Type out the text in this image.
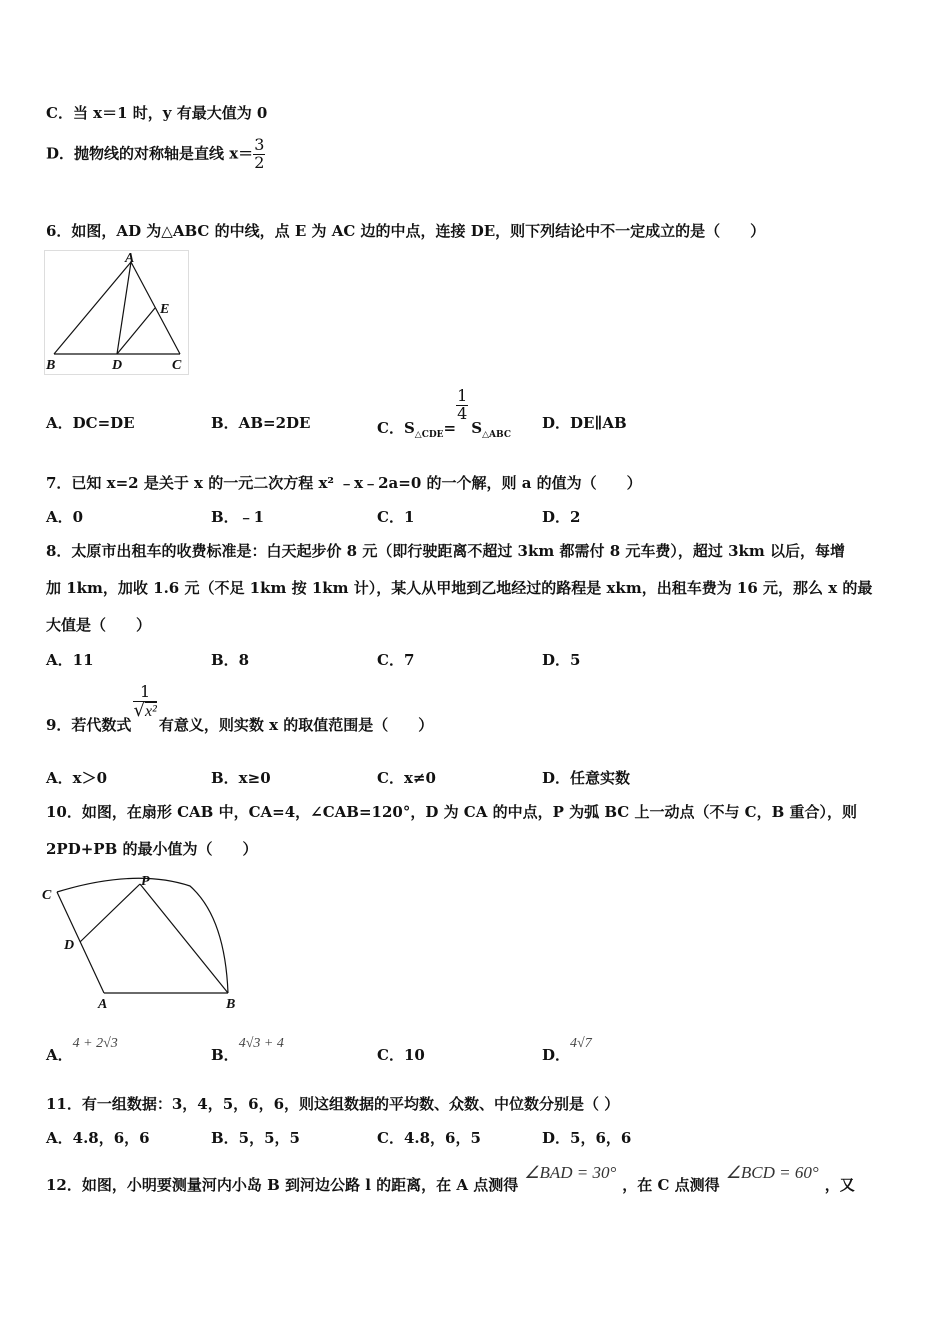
C．当 x＝1 时，y 有最大值为 0
D．抛物线的对称轴是直线 $x= \frac{3}{2}$
6．如图，AD 为△ABC 的中线，点 E 为 AC 边的中点，连接 DE，则下列结论中不一定成立的是（　　）
A
B	D	C
E
A．DC=DE	B．AB=2DE	C．$S_{\triangle CDE}=$
$\frac{1}{4}$
$S_{\triangle ABC}$
D．DE∥AB
7．已知 x=2 是关于 x 的一元二次方程 x² ﹣x﹣2a=0 的一个解，则 a 的值为（　　）
A．0	B．﹣1	C．1	D．2
8．太原市出租车的收费标准是：白天起步价 8 元（即行驶距离不超过 3km 都需付 8 元车费），超过 3km 以后，每增
加 1km，加收 1.6 元（不足 1km 按 1km 计），某人从甲地到乙地经过的路程是 xkm，出租车费为 16 元，那么 x 的最
大值是（　　）
A．11	B．8	C．7	D．5
9．若代数式
$\frac{1}{\text{√x²}}$
有意义，则实数 x 的取值范围是（　　）
A．x＞0	B．x≥0	C．x≠0	D．任意实数
10．如图，在扇形 CAB 中，CA=4，∠CAB=120°，D 为 CA 的中点，P 为弧 BC 上一动点（不与 C，B 重合），则
2PD+PB 的最小值为（　　）
C
P
D
A	B
A．4 + 2√3
B．4√3 + 4
C．10	D．4√7
11．有一组数据：3，4，5，6，6，则这组数据的平均数、众数、中位数分别是（ ）
A．4.8，6，6	B．5，5，5	C．4.8，6，5	D．5，6，6
12．如图，小明要测量河内小岛 B 到河边公路 l 的距离，在 A 点测得∠BAD = 30°，在 C 点测得∠BCD = 60°，又
